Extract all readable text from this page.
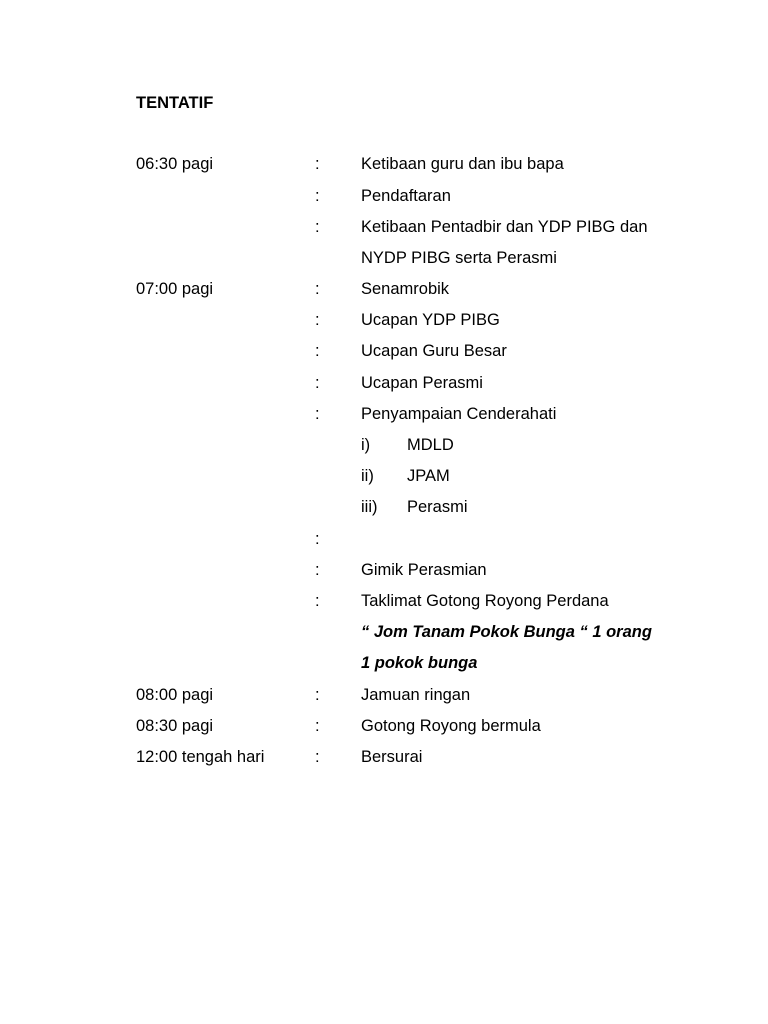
TENTATIF
06:30 pagi	:	Ketibaan guru dan ibu bapa
:	Pendaftaran
:	Ketibaan Pentadbir dan YDP PIBG dan
NYDP PIBG serta Perasmi
07:00 pagi	:	Senamrobik
:	Ucapan YDP PIBG
:	Ucapan Guru Besar
:	Ucapan Perasmi
:	Penyampaian Cenderahati
i) MDLD
ii) JPAM
iii) Perasmi
:
:	Gimik Perasmian
:	Taklimat Gotong Royong Perdana
“ Jom Tanam Pokok Bunga “ 1 orang
1 pokok bunga
08:00 pagi	:	Jamuan ringan
08:30 pagi	:	Gotong Royong bermula
12:00 tengah hari	:	Bersurai
